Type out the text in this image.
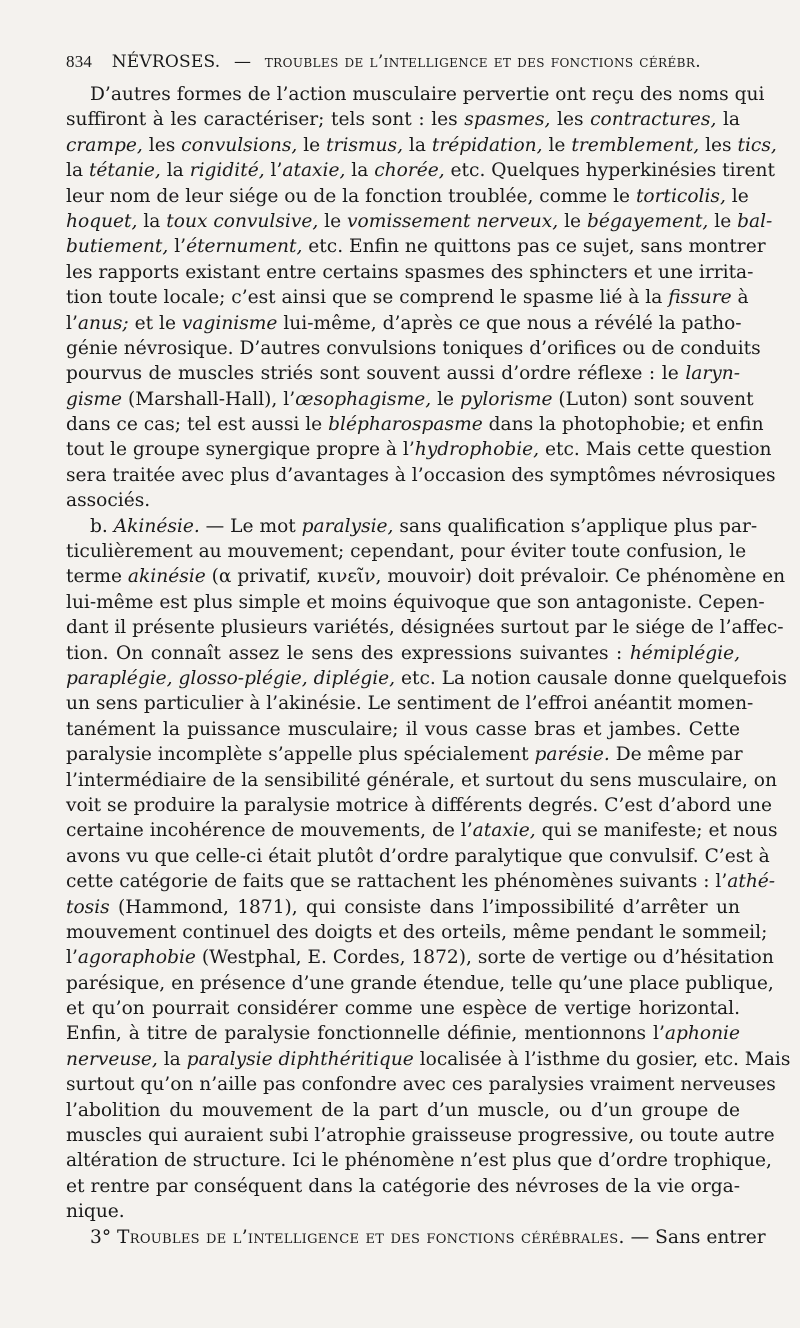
834 NÉVROSES. — troubles de l’intelligence et des fonctions cérébr.
D’autres formes de l’action musculaire pervertie ont reçu des noms qui
suffiront à les caractériser; tels sont : les spasmes, les contractures, la
crampe, les convulsions, le trismus, la trépidation, le tremblement, les tics,
la tétanie, la rigidité, l’ataxie, la chorée, etc. Quelques hyperkinésies tirent
leur nom de leur siége ou de la fonction troublée, comme le torticolis, le
hoquet, la toux convulsive, le vomissement nerveux, le bégayement, le bal-
butiement, l’éternument, etc. Enfin ne quittons pas ce sujet, sans montrer
les rapports existant entre certains spasmes des sphincters et une irrita-
tion toute locale; c’est ainsi que se comprend le spasme lié à la fissure à
l’anus; et le vaginisme lui-même, d’après ce que nous a révélé la patho-
génie névrosique. D’autres convulsions toniques d’orifices ou de conduits
pourvus de muscles striés sont souvent aussi d’ordre réflexe : le laryn-
gisme (Marshall-Hall), l’œsophagisme, le pylorisme (Luton) sont souvent
dans ce cas; tel est aussi le blépharospasme dans la photophobie; et enfin
tout le groupe synergique propre à l’hydrophobie, etc. Mais cette question
sera traitée avec plus d’avantages à l’occasion des symptômes névrosiques
associés.
b. Akinésie. — Le mot paralysie, sans qualification s’applique plus par-
ticulièrement au mouvement; cependant, pour éviter toute confusion, le
terme akinésie (α privatif, κινεῖν, mouvoir) doit prévaloir. Ce phénomène en
lui-même est plus simple et moins équivoque que son antagoniste. Cepen-
dant il présente plusieurs variétés, désignées surtout par le siége de l’affec-
tion. On connaît assez le sens des expressions suivantes : hémiplégie,
paraplégie, glosso-plégie, diplégie, etc. La notion causale donne quelquefois
un sens particulier à l’akinésie. Le sentiment de l’effroi anéantit momen-
tanément la puissance musculaire; il vous casse bras et jambes. Cette
paralysie incomplète s’appelle plus spécialement parésie. De même par
l’intermédiaire de la sensibilité générale, et surtout du sens musculaire, on
voit se produire la paralysie motrice à différents degrés. C’est d’abord une
certaine incohérence de mouvements, de l’ataxie, qui se manifeste; et nous
avons vu que celle-ci était plutôt d’ordre paralytique que convulsif. C’est à
cette catégorie de faits que se rattachent les phénomènes suivants : l’athé-
tosis (Hammond, 1871), qui consiste dans l’impossibilité d’arrêter un
mouvement continuel des doigts et des orteils, même pendant le sommeil;
l’agoraphobie (Westphal, E. Cordes, 1872), sorte de vertige ou d’hésitation
parésique, en présence d’une grande étendue, telle qu’une place publique,
et qu’on pourrait considérer comme une espèce de vertige horizontal.
Enfin, à titre de paralysie fonctionnelle définie, mentionnons l’aphonie
nerveuse, la paralysie diphthéritique localisée à l’isthme du gosier, etc. Mais
surtout qu’on n’aille pas confondre avec ces paralysies vraiment nerveuses
l’abolition du mouvement de la part d’un muscle, ou d’un groupe de
muscles qui auraient subi l’atrophie graisseuse progressive, ou toute autre
altération de structure. Ici le phénomène n’est plus que d’ordre trophique,
et rentre par conséquent dans la catégorie des névroses de la vie orga-
nique.
3° Troubles de l’intelligence et des fonctions cérébrales. — Sans entrer
